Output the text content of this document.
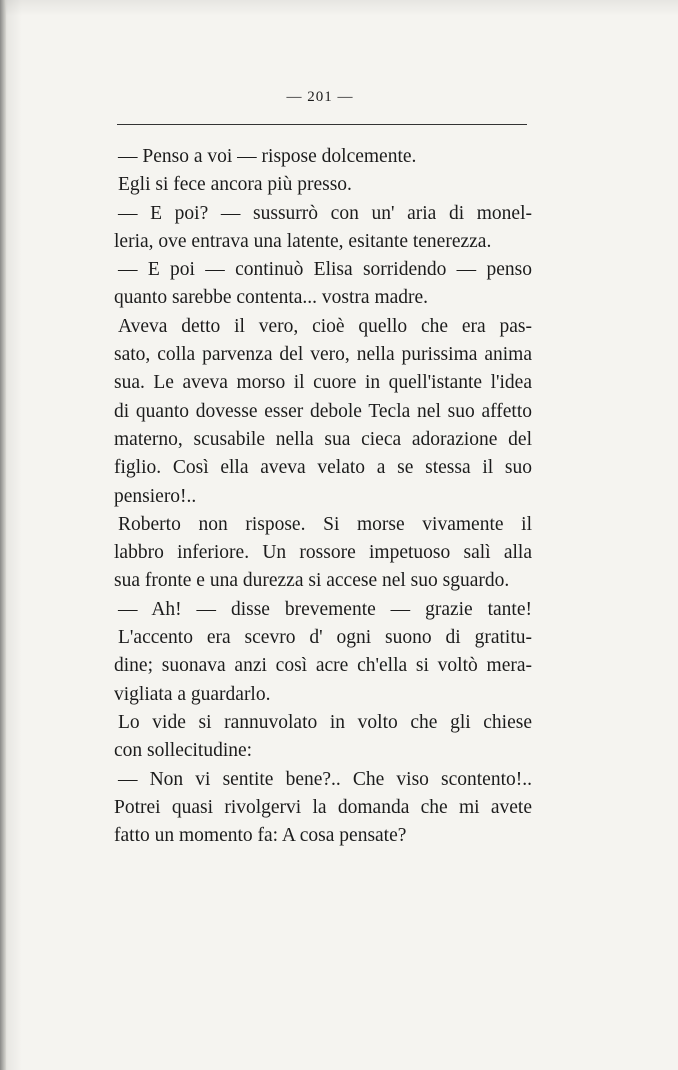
— 201 —
— Penso a voi — rispose dolcemente.
Egli si fece ancora più presso.
— E poi? — sussurrò con un' aria di monel-
leria, ove entrava una latente, esitante tenerezza.
— E poi — continuò Elisa sorridendo — penso
quanto sarebbe contenta... vostra madre.
Aveva detto il vero, cioè quello che era pas-
sato, colla parvenza del vero, nella purissima anima
sua. Le aveva morso il cuore in quell'istante l'idea
di quanto dovesse esser debole Tecla nel suo affetto
materno, scusabile nella sua cieca adorazione del
figlio. Così ella aveva velato a se stessa il suo
pensiero!..
Roberto non rispose. Si morse vivamente il
labbro inferiore. Un rossore impetuoso salì alla
sua fronte e una durezza si accese nel suo sguardo.
— Ah! — disse brevemente — grazie tante!
L'accento era scevro d' ogni suono di gratitu-
dine; suonava anzi così acre ch'ella si voltò mera-
vigliata a guardarlo.
Lo vide si rannuvolato in volto che gli chiese
con sollecitudine:
— Non vi sentite bene?.. Che viso scontento!..
Potrei quasi rivolgervi la domanda che mi avete
fatto un momento fa: A cosa pensate?
